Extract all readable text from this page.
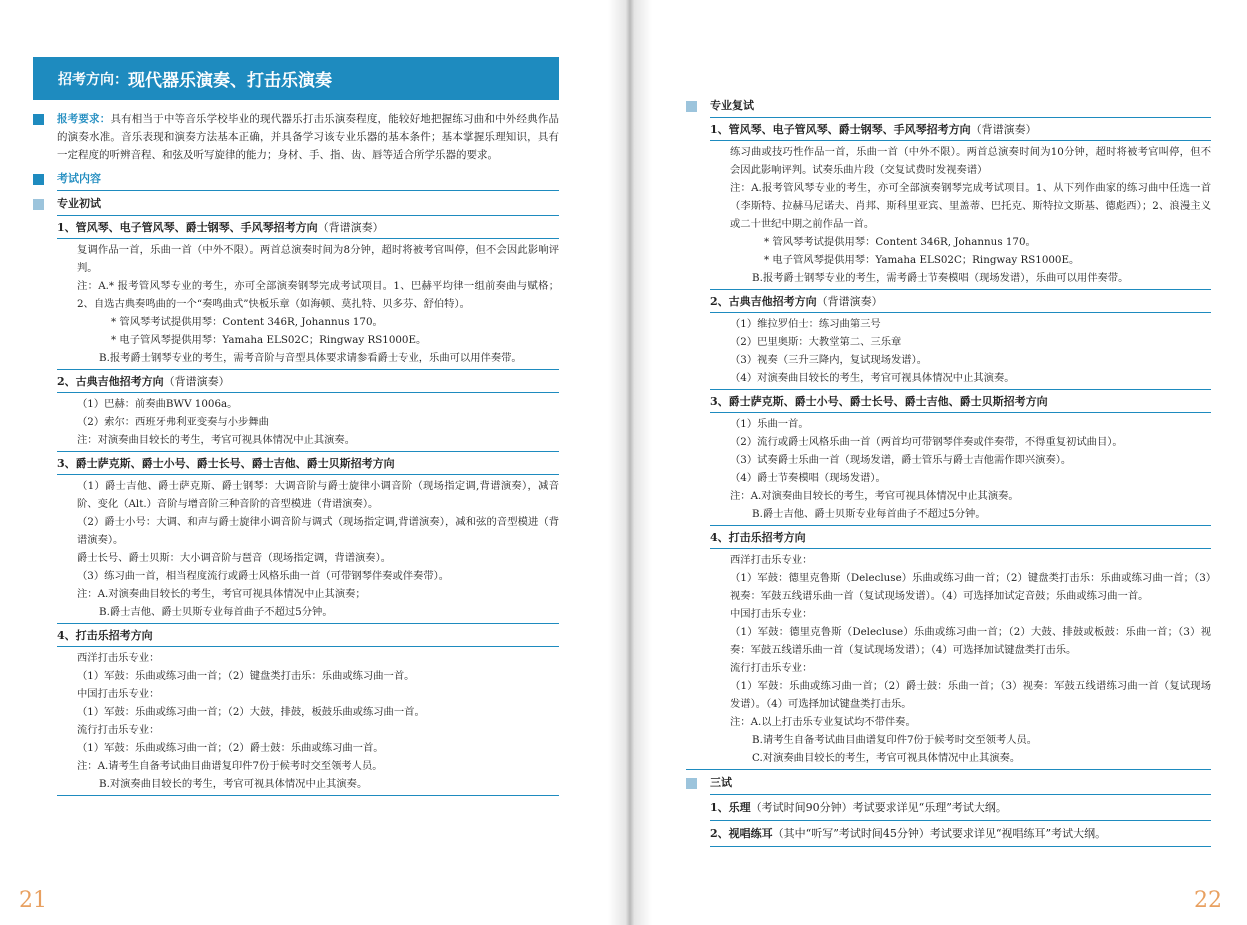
招考方向： 现代器乐演奏、打击乐演奏
报考要求：具有相当于中等音乐学校毕业的现代器乐打击乐演奏程度，能较好地把握练习曲和中外经典作品的演奏水准。音乐表现和演奏方法基本正确，并具备学习该专业乐器的基本条件；基本掌握乐理知识，具有一定程度的听辨音程、和弦及听写旋律的能力；身材、手、指、齿、唇等适合所学乐器的要求。
考试内容
专业初试
1、管风琴、电子管风琴、爵士钢琴、手风琴招考方向（背谱演奏）

复调作品一首，乐曲一首（中外不限）。两首总演奏时间为8分钟，超时将被考官叫停，但不会因此影响评判。

注：A.* 报考管风琴专业的考生，亦可全部演奏钢琴完成考试项目。1、巴赫平均律一组前奏曲与赋格；2、自选古典奏鸣曲的一个“奏鸣曲式”快板乐章（如海顿、莫扎特、贝多芬、舒伯特）。

* 管风琴考试提供用琴：Content 346R, Johannus 170。

* 电子管风琴提供用琴：Yamaha ELS02C；Ringway RS1000E。

B.报考爵士钢琴专业的考生，需考音阶与音型具体要求请参看爵士专业，乐曲可以用伴奏带。

2、古典吉他招考方向（背谱演奏）

（1）巴赫：前奏曲BWV 1006a。

（2）索尔：西班牙弗利亚变奏与小步舞曲

注：对演奏曲目较长的考生，考官可视具体情况中止其演奏。

3、爵士萨克斯、爵士小号、爵士长号、爵士吉他、爵士贝斯招考方向

（1）爵士吉他、爵士萨克斯、爵士钢琴：大调音阶与爵士旋律小调音阶（现场指定调,背谱演奏），减音阶、变化（Alt.）音阶与增音阶三种音阶的音型模进（背谱演奏）。

（2）爵士小号：大调、和声与爵士旋律小调音阶与调式（现场指定调,背谱演奏），减和弦的音型模进（背谱演奏）。

爵士长号、爵士贝斯：大小调音阶与琶音（现场指定调，背谱演奏）。

（3）练习曲一首，相当程度流行或爵士风格乐曲一首（可带钢琴伴奏或伴奏带）。

注：A.对演奏曲目较长的考生，考官可视具体情况中止其演奏；

B.爵士吉他、爵士贝斯专业每首曲子不超过5分钟。

4、打击乐招考方向

西洋打击乐专业：

（1）军鼓：乐曲或练习曲一首；（2）键盘类打击乐：乐曲或练习曲一首。

中国打击乐专业：

（1）军鼓：乐曲或练习曲一首；（2）大鼓，排鼓，板鼓乐曲或练习曲一首。

流行打击乐专业：

（1）军鼓：乐曲或练习曲一首；（2）爵士鼓：乐曲或练习曲一首。

注：A.请考生自备考试曲目曲谱复印件7份于候考时交至领考人员。

B.对演奏曲目较长的考生，考官可视具体情况中止其演奏。

21	22
专业复试
1、管风琴、电子管风琴、爵士钢琴、手风琴招考方向（背谱演奏）

练习曲或技巧性作品一首，乐曲一首（中外不限）。两首总演奏时间为10分钟，超时将被考官叫停，但不会因此影响评判。试奏乐曲片段（交复试费时发视奏谱）

注：A.报考管风琴专业的考生，亦可全部演奏钢琴完成考试项目。1、从下列作曲家的练习曲中任选一首（李斯特、拉赫马尼诺夫、肖邦、斯科里亚宾、里盖蒂、巴托克、斯特拉文斯基、德彪西）；2、浪漫主义或二十世纪中期之前作品一首。

* 管风琴考试提供用琴：Content 346R, Johannus 170。

* 电子管风琴提供用琴：Yamaha ELS02C；Ringway RS1000E。

B.报考爵士钢琴专业的考生，需考爵士节奏模唱（现场发谱），乐曲可以用伴奏带。

2、古典吉他招考方向（背谱演奏）

（1）维拉罗伯士：练习曲第三号

（2）巴里奥斯：大教堂第二、三乐章

（3）视奏（三升三降内，复试现场发谱）。

（4）对演奏曲目较长的考生，考官可视具体情况中止其演奏。

3、爵士萨克斯、爵士小号、爵士长号、爵士吉他、爵士贝斯招考方向

（1）乐曲一首。

（2）流行或爵士风格乐曲一首（两首均可带钢琴伴奏或伴奏带，不得重复初试曲目）。

（3）试奏爵士乐曲一首（现场发谱，爵士管乐与爵士吉他需作即兴演奏）。

（4）爵士节奏模唱（现场发谱）。

注：A.对演奏曲目较长的考生，考官可视具体情况中止其演奏。

B.爵士吉他、爵士贝斯专业每首曲子不超过5分钟。

4、打击乐招考方向

西洋打击乐专业：

（1）军鼓：德里克鲁斯（Delecluse）乐曲或练习曲一首；（2）键盘类打击乐：乐曲或练习曲一首；（3）视奏：军鼓五线谱乐曲一首（复试现场发谱）。（4）可选择加试定音鼓；乐曲或练习曲一首。

中国打击乐专业：

（1）军鼓：德里克鲁斯（Delecluse）乐曲或练习曲一首；（2）大鼓、排鼓或板鼓：乐曲一首；（3）视奏：军鼓五线谱乐曲一首（复试现场发谱）；（4）可选择加试键盘类打击乐。

流行打击乐专业：

（1）军鼓：乐曲或练习曲一首；（2）爵士鼓：乐曲一首；（3）视奏：军鼓五线谱练习曲一首（复试现场发谱）。（4）可选择加试键盘类打击乐。

注：A.以上打击乐专业复试均不带伴奏。

B.请考生自备考试曲目曲谱复印件7份于候考时交至领考人员。

C.对演奏曲目较长的考生，考官可视具体情况中止其演奏。

三试
1、乐理（考试时间90分钟）考试要求详见“乐理”考试大纲。
2、视唱练耳（其中“听写”考试时间45分钟）考试要求详见“视唱练耳”考试大纲。
